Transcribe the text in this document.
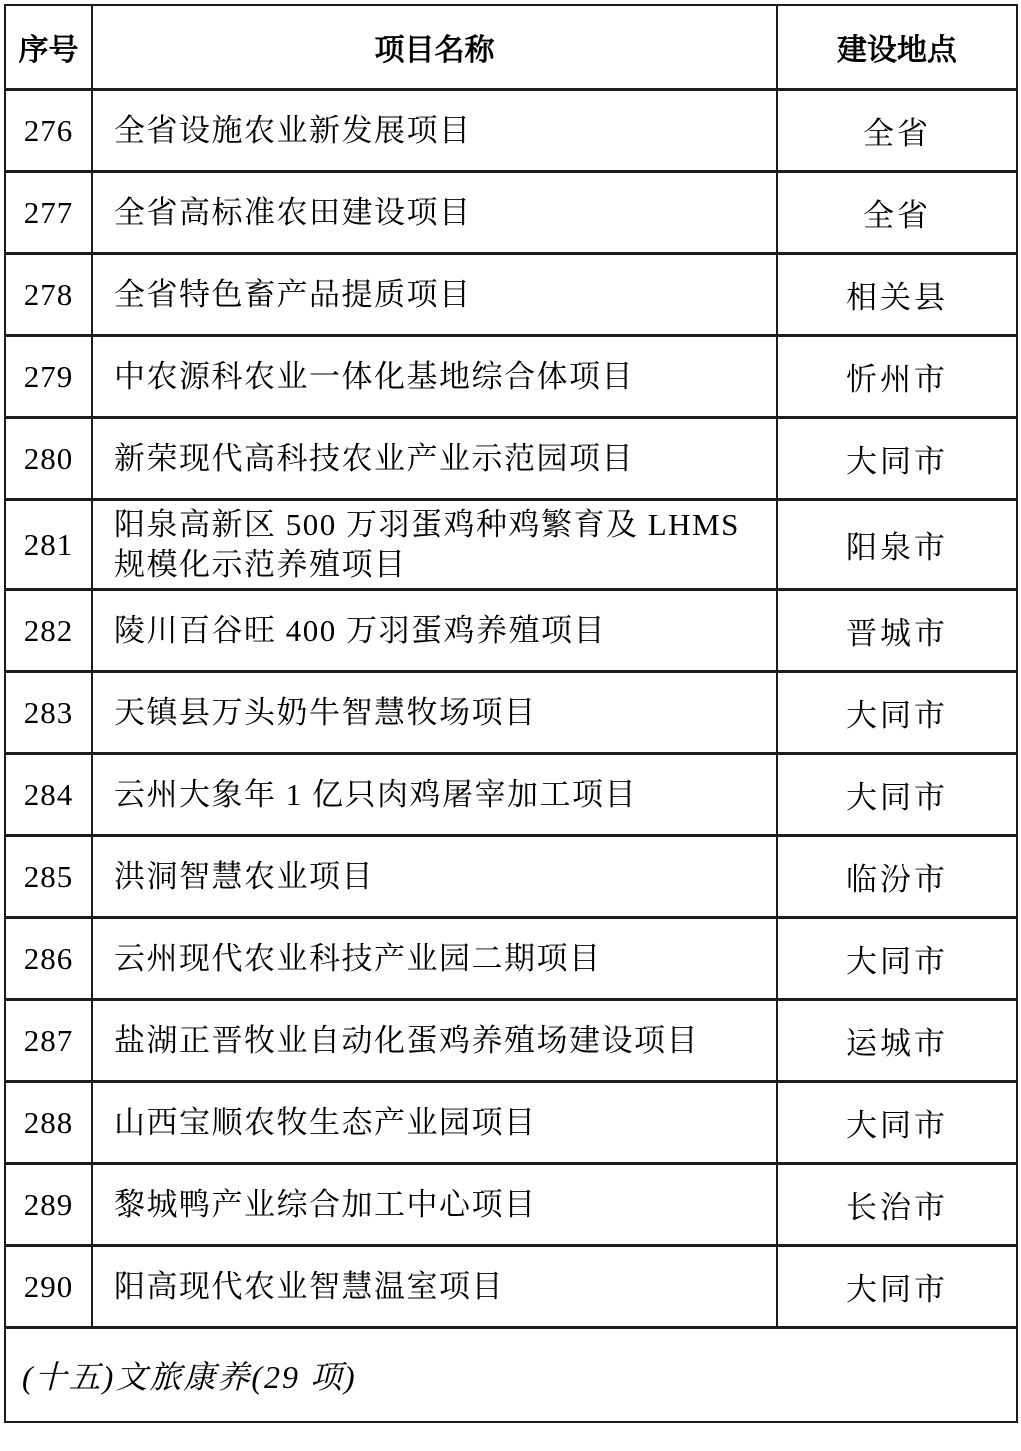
序号	项目名称	建设地点
276	全省设施农业新发展项目	全省
277	全省高标准农田建设项目	全省
278	全省特色畜产品提质项目	相关县
279	中农源科农业一体化基地综合体项目	忻州市
280	新荣现代高科技农业产业示范园项目	大同市
281	阳泉高新区 500 万羽蛋鸡种鸡繁育及 LHMS 规模化示范养殖项目	阳泉市
282	陵川百谷旺 400 万羽蛋鸡养殖项目	晋城市
283	天镇县万头奶牛智慧牧场项目	大同市
284	云州大象年 1 亿只肉鸡屠宰加工项目	大同市
285	洪洞智慧农业项目	临汾市
286	云州现代农业科技产业园二期项目	大同市
287	盐湖正晋牧业自动化蛋鸡养殖场建设项目	运城市
288	山西宝顺农牧生态产业园项目	大同市
289	黎城鸭产业综合加工中心项目	长治市
290	阳高现代农业智慧温室项目	大同市
(十五)文旅康养(29 项)		
